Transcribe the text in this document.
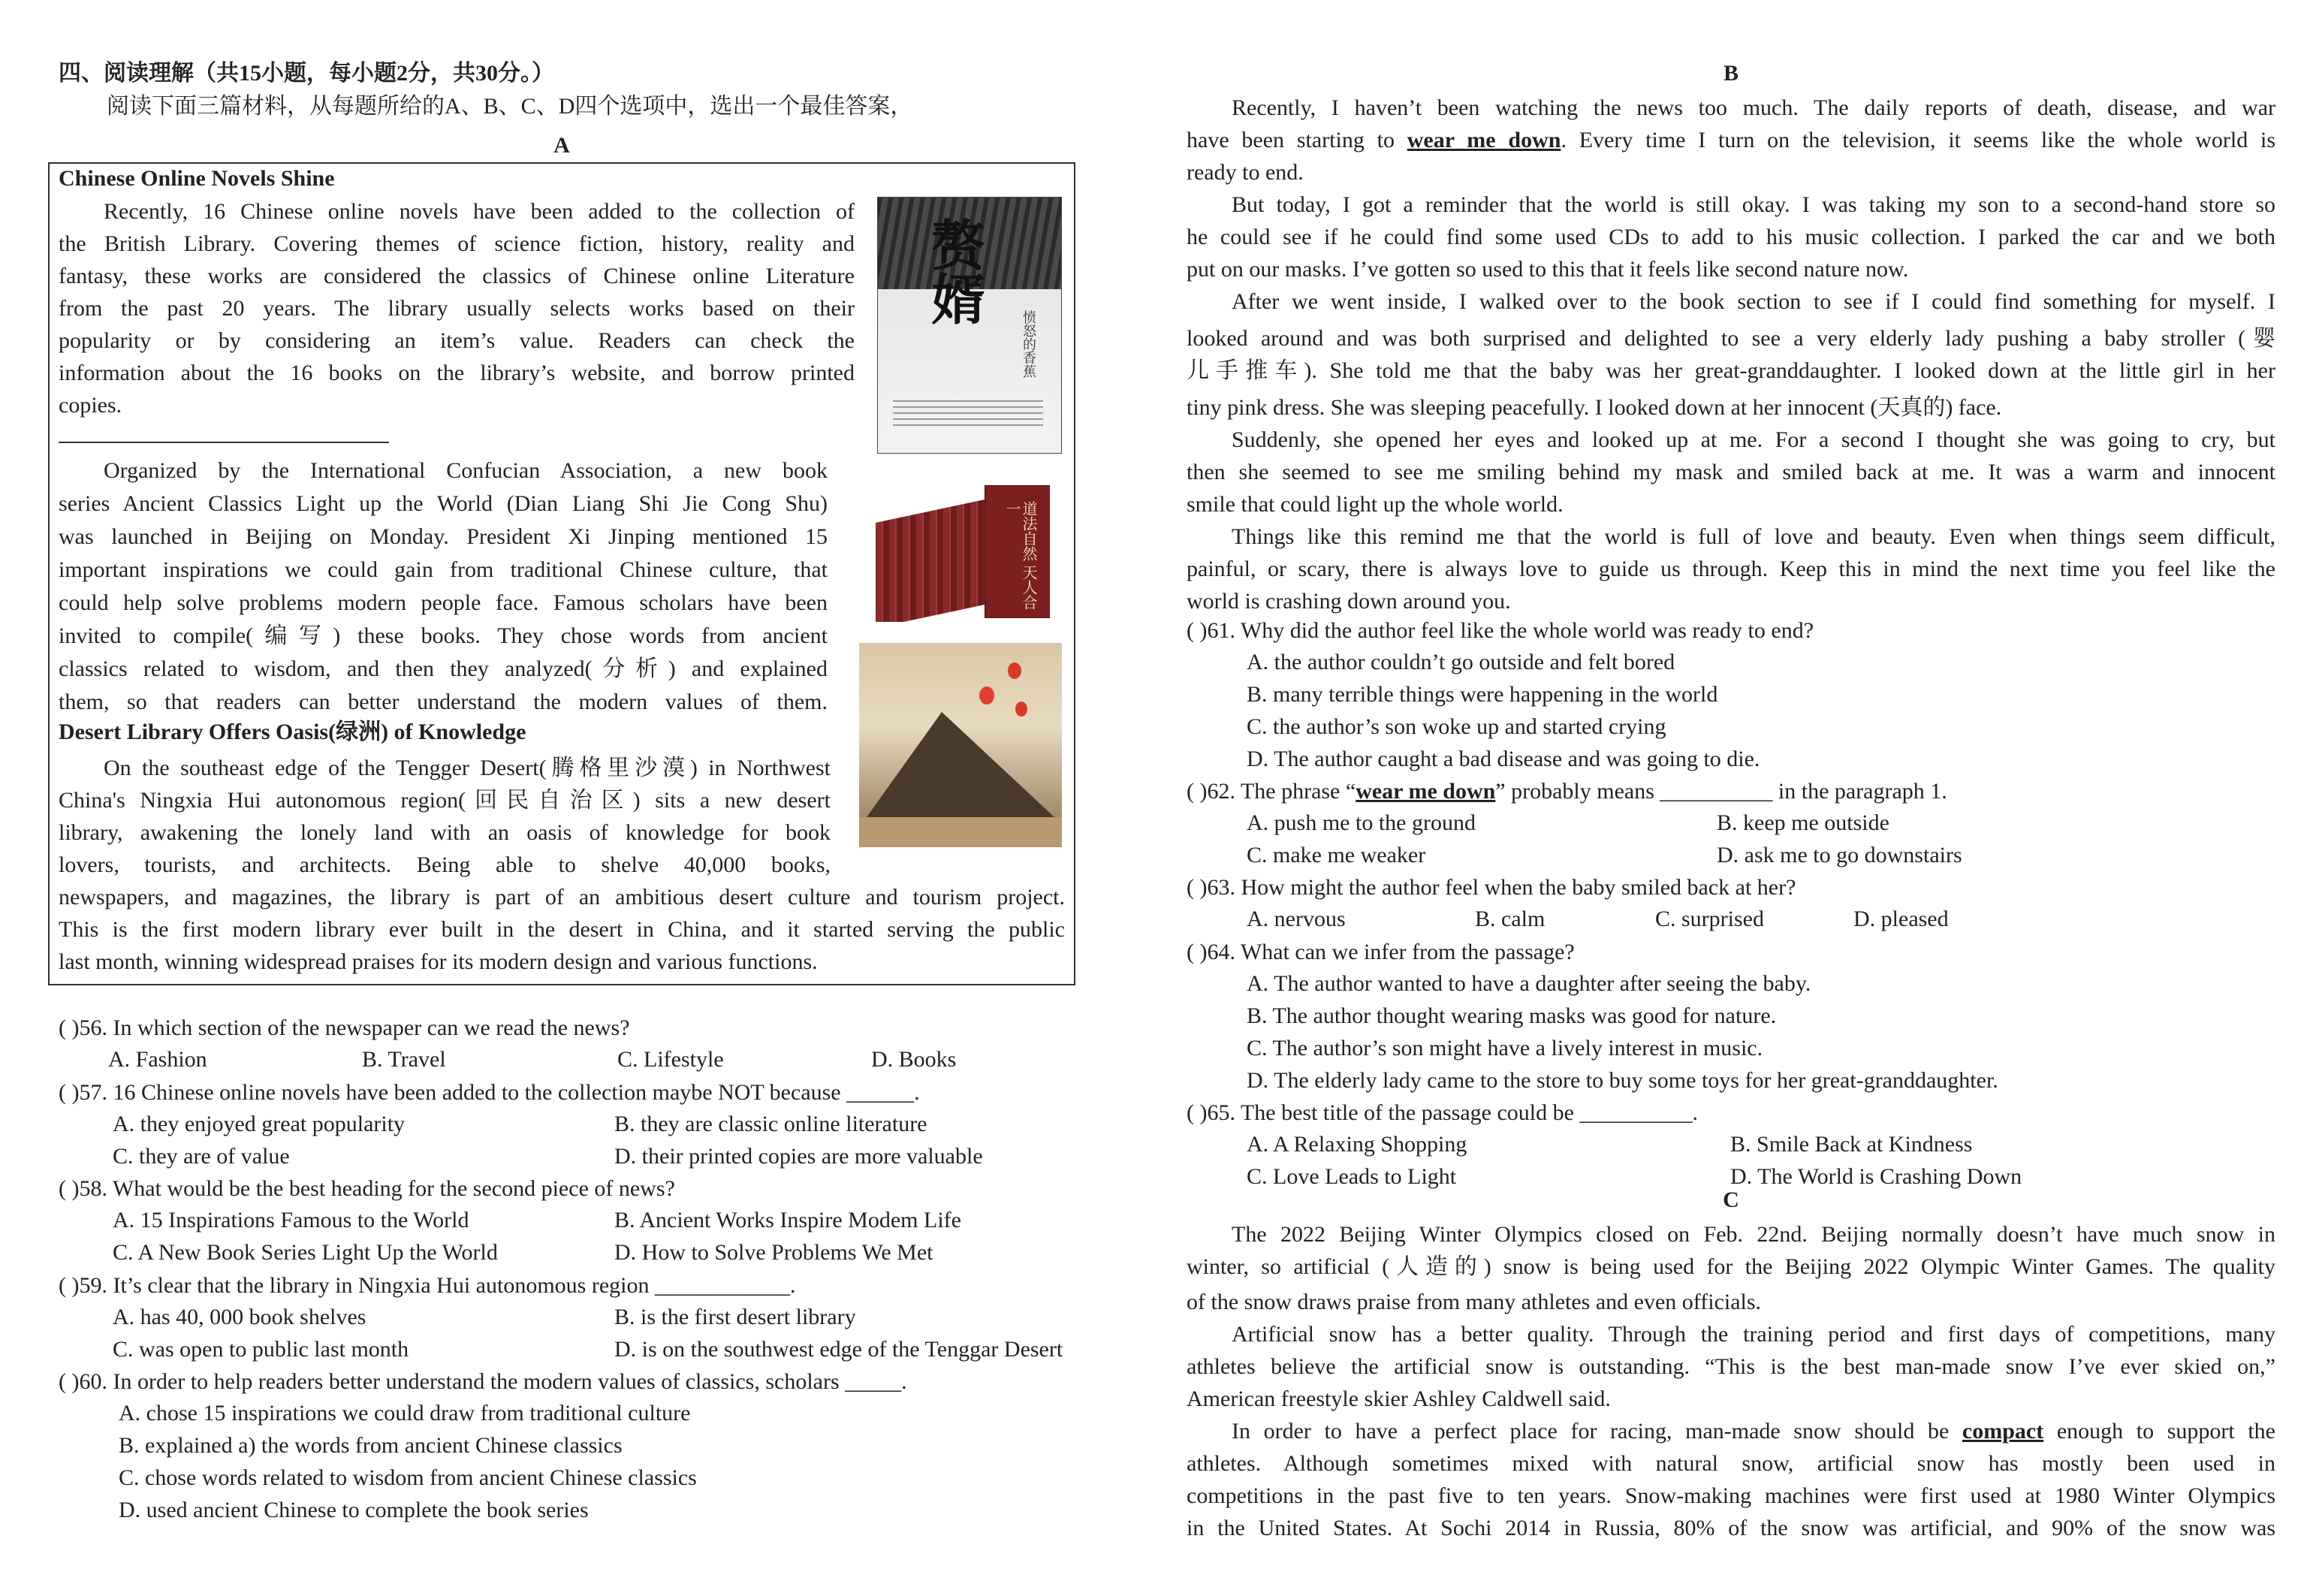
四、阅读理解（共15小题，每小题2分，共30分。）
阅读下面三篇材料，从每题所给的A、B、C、D四个选项中，选出一个最佳答案，
A
Chinese Online Novels Shine
Recently, 16 Chinese online novels have been added to the collection of
the British Library. Covering themes of science fiction, history, reality and
fantasy, these works are considered the classics of Chinese online Literature
from the past 20 years. The library usually selects works based on their
popularity or by considering an item’s value. Readers can check the
information about the 16 books on the library’s website, and borrow printed
copies.
Organized by the International Confucian Association, a new book
series Ancient Classics Light up the World (Dian Liang Shi Jie Cong Shu)
was launched in Beijing on Monday. President Xi Jinping mentioned 15
important inspirations we could gain from traditional Chinese culture, that
could help solve problems modern people face. Famous scholars have been
invited to compile(编写) these books. They chose words from ancient
classics related to wisdom, and then they analyzed(分析) and explained
them, so that readers can better understand the modern values of them.
Desert Library Offers Oasis(绿洲) of Knowledge
On the southeast edge of the Tengger Desert(腾格里沙漠) in Northwest
China's Ningxia Hui autonomous region(回民自治区) sits a new desert
library, awakening the lonely land with an oasis of knowledge for book
lovers, tourists, and architects. Being able to shelve 40,000 books,
newspapers, and magazines, the library is part of an ambitious desert culture and tourism project.
This is the first modern library ever built in the desert in China, and it started serving the public
last month, winning widespread praises for its modern design and various functions.
赘婿
愤怒的香蕉
道法自然 天人合一
( )56. In which section of the newspaper can we read the news?
A. Fashion	B. Travel	C. Lifestyle	D. Books
( )57. 16 Chinese online novels have been added to the collection maybe NOT because ______.
A. they enjoyed great popularity	B. they are classic online literature
C. they are of value	D. their printed copies are more valuable
( )58. What would be the best heading for the second piece of news?
A. 15 Inspirations Famous to the World	B. Ancient Works Inspire Modem Life
C. A New Book Series Light Up the World	D. How to Solve Problems We Met
( )59. It’s clear that the library in Ningxia Hui autonomous region ____________.
A. has 40, 000 book shelves	B. is the first desert library
C. was open to public last month	D. is on the southwest edge of the Tenggar Desert
( )60. In order to help readers better understand the modern values of classics, scholars _____.
A. chose 15 inspirations we could draw from traditional culture
B. explained a) the words from ancient Chinese classics
C. chose words related to wisdom from ancient Chinese classics
D. used ancient Chinese to complete the book series
B
Recently, I haven’t been watching the news too much. The daily reports of death, disease, and war
have been starting to wear me down. Every time I turn on the television, it seems like the whole world is
ready to end.
But today, I got a reminder that the world is still okay. I was taking my son to a second-hand store so
he could see if he could find some used CDs to add to his music collection. I parked the car and we both
put on our masks. I’ve gotten so used to this that it feels like second nature now.
After we went inside, I walked over to the book section to see if I could find something for myself. I
looked around and was both surprised and delighted to see a very elderly lady pushing a baby stroller (婴
儿手推车). She told me that the baby was her great-granddaughter. I looked down at the little girl in her
tiny pink dress. She was sleeping peacefully. I looked down at her innocent (天真的) face.
Suddenly, she opened her eyes and looked up at me. For a second I thought she was going to cry, but
then she seemed to see me smiling behind my mask and smiled back at me. It was a warm and innocent
smile that could light up the whole world.
Things like this remind me that the world is full of love and beauty. Even when things seem difficult,
painful, or scary, there is always love to guide us through. Keep this in mind the next time you feel like the
world is crashing down around you.
( )61. Why did the author feel like the whole world was ready to end?
A. the author couldn’t go outside and felt bored
B. many terrible things were happening in the world
C. the author’s son woke up and started crying
D. The author caught a bad disease and was going to die.
( )62. The phrase “wear me down” probably means __________ in the paragraph 1.
A. push me to the ground	B. keep me outside
C. make me weaker	D. ask me to go downstairs
( )63. How might the author feel when the baby smiled back at her?
A. nervous	B. calm	C. surprised	D. pleased
( )64. What can we infer from the passage?
A. The author wanted to have a daughter after seeing the baby.
B. The author thought wearing masks was good for nature.
C. The author’s son might have a lively interest in music.
D. The elderly lady came to the store to buy some toys for her great-granddaughter.
( )65. The best title of the passage could be __________.
A. A Relaxing Shopping	B. Smile Back at Kindness
C. Love Leads to Light	D. The World is Crashing Down
C
The 2022 Beijing Winter Olympics closed on Feb. 22nd. Beijing normally doesn’t have much snow in
winter, so artificial (人造的) snow is being used for the Beijing 2022 Olympic Winter Games. The quality
of the snow draws praise from many athletes and even officials.
Artificial snow has a better quality. Through the training period and first days of competitions, many
athletes believe the artificial snow is outstanding. “This is the best man-made snow I’ve ever skied on,”
American freestyle skier Ashley Caldwell said.
In order to have a perfect place for racing, man-made snow should be compact enough to support the
athletes. Although sometimes mixed with natural snow, artificial snow has mostly been used in
competitions in the past five to ten years. Snow-making machines were first used at 1980 Winter Olympics
in the United States. At Sochi 2014 in Russia, 80% of the snow was artificial, and 90% of the snow was
